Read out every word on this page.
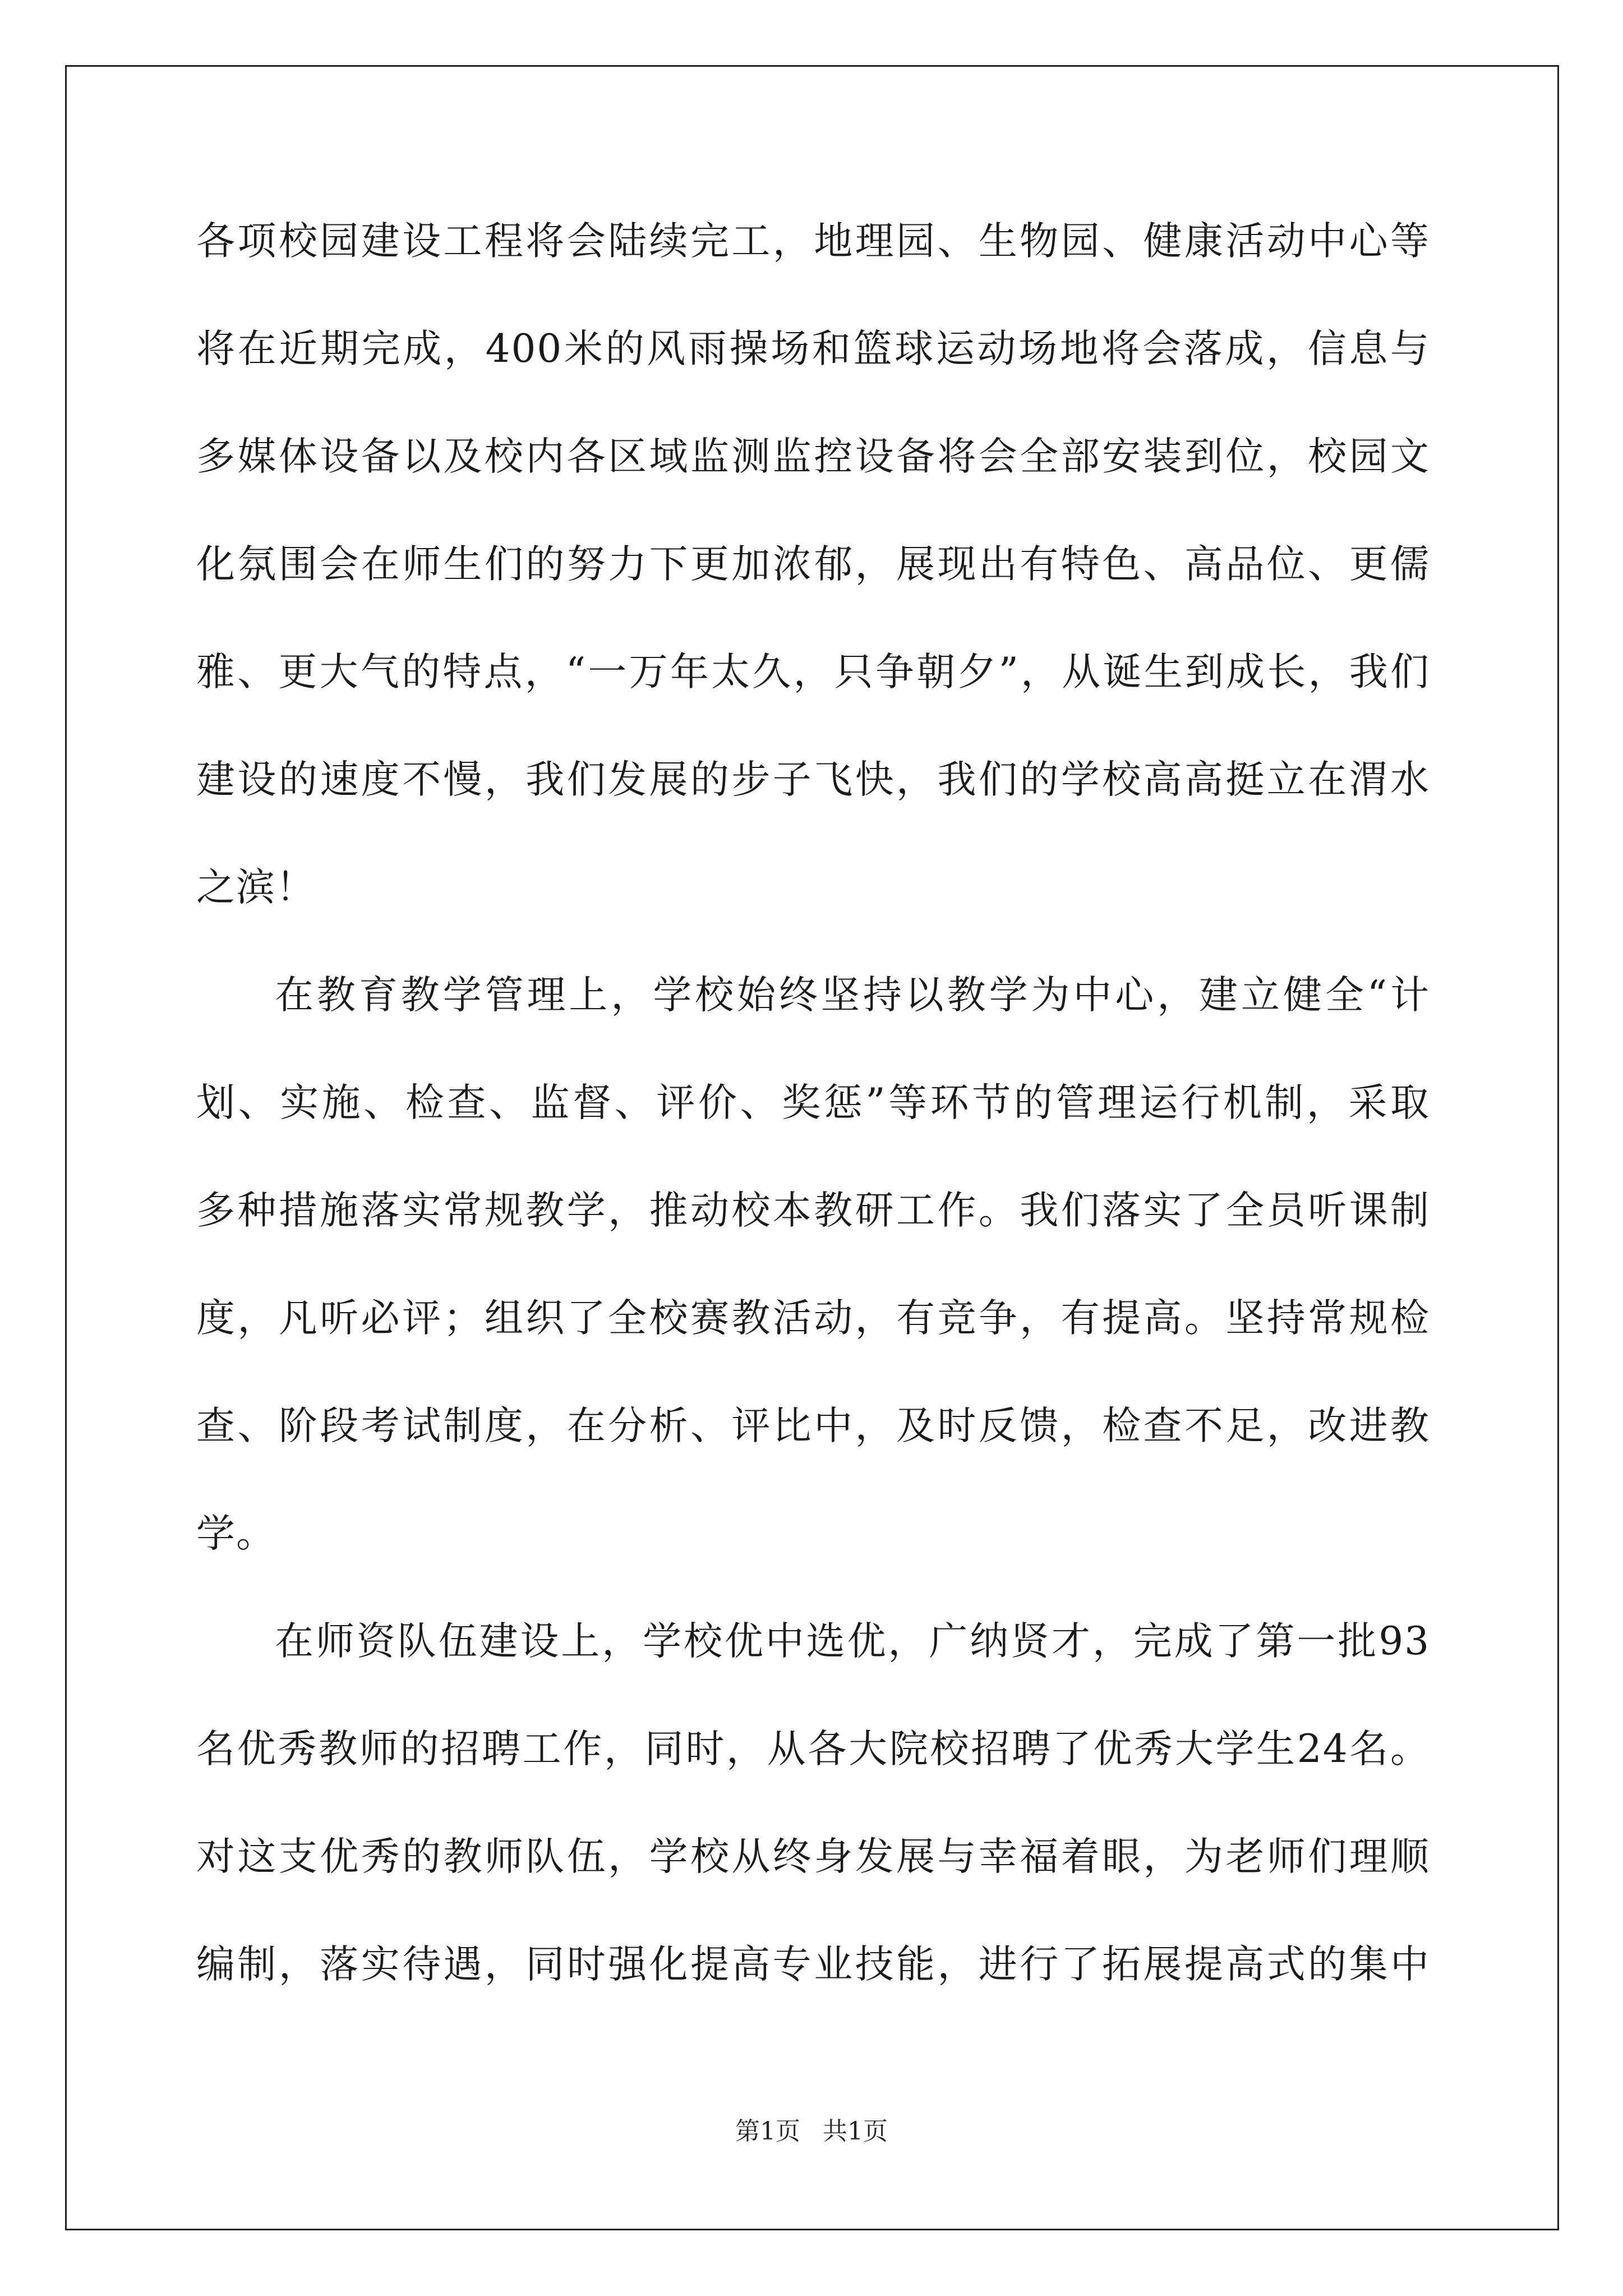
各项校园建设工程将会陆续完工，地理园、生物园、健康活动中心等
将在近期完成，400米的风雨操场和篮球运动场地将会落成，信息与
多媒体设备以及校内各区域监测监控设备将会全部安装到位，校园文
化氛围会在师生们的努力下更加浓郁，展现出有特色、高品位、更儒
雅、更大气的特点，“一万年太久，只争朝夕”，从诞生到成长，我们
建设的速度不慢，我们发展的步子飞快，我们的学校高高挺立在渭水
之滨！
在教育教学管理上，学校始终坚持以教学为中心，建立健全“计
划、实施、检查、监督、评价、奖惩”等环节的管理运行机制，采取
多种措施落实常规教学，推动校本教研工作。我们落实了全员听课制
度，凡听必评；组织了全校赛教活动，有竞争，有提高。坚持常规检
查、阶段考试制度，在分析、评比中，及时反馈，检查不足，改进教
学。
在师资队伍建设上，学校优中选优，广纳贤才，完成了第一批93
名优秀教师的招聘工作，同时，从各大院校招聘了优秀大学生24名。
对这支优秀的教师队伍，学校从终身发展与幸福着眼，为老师们理顺
编制，落实待遇，同时强化提高专业技能，进行了拓展提高式的集中
第1页 共1页
